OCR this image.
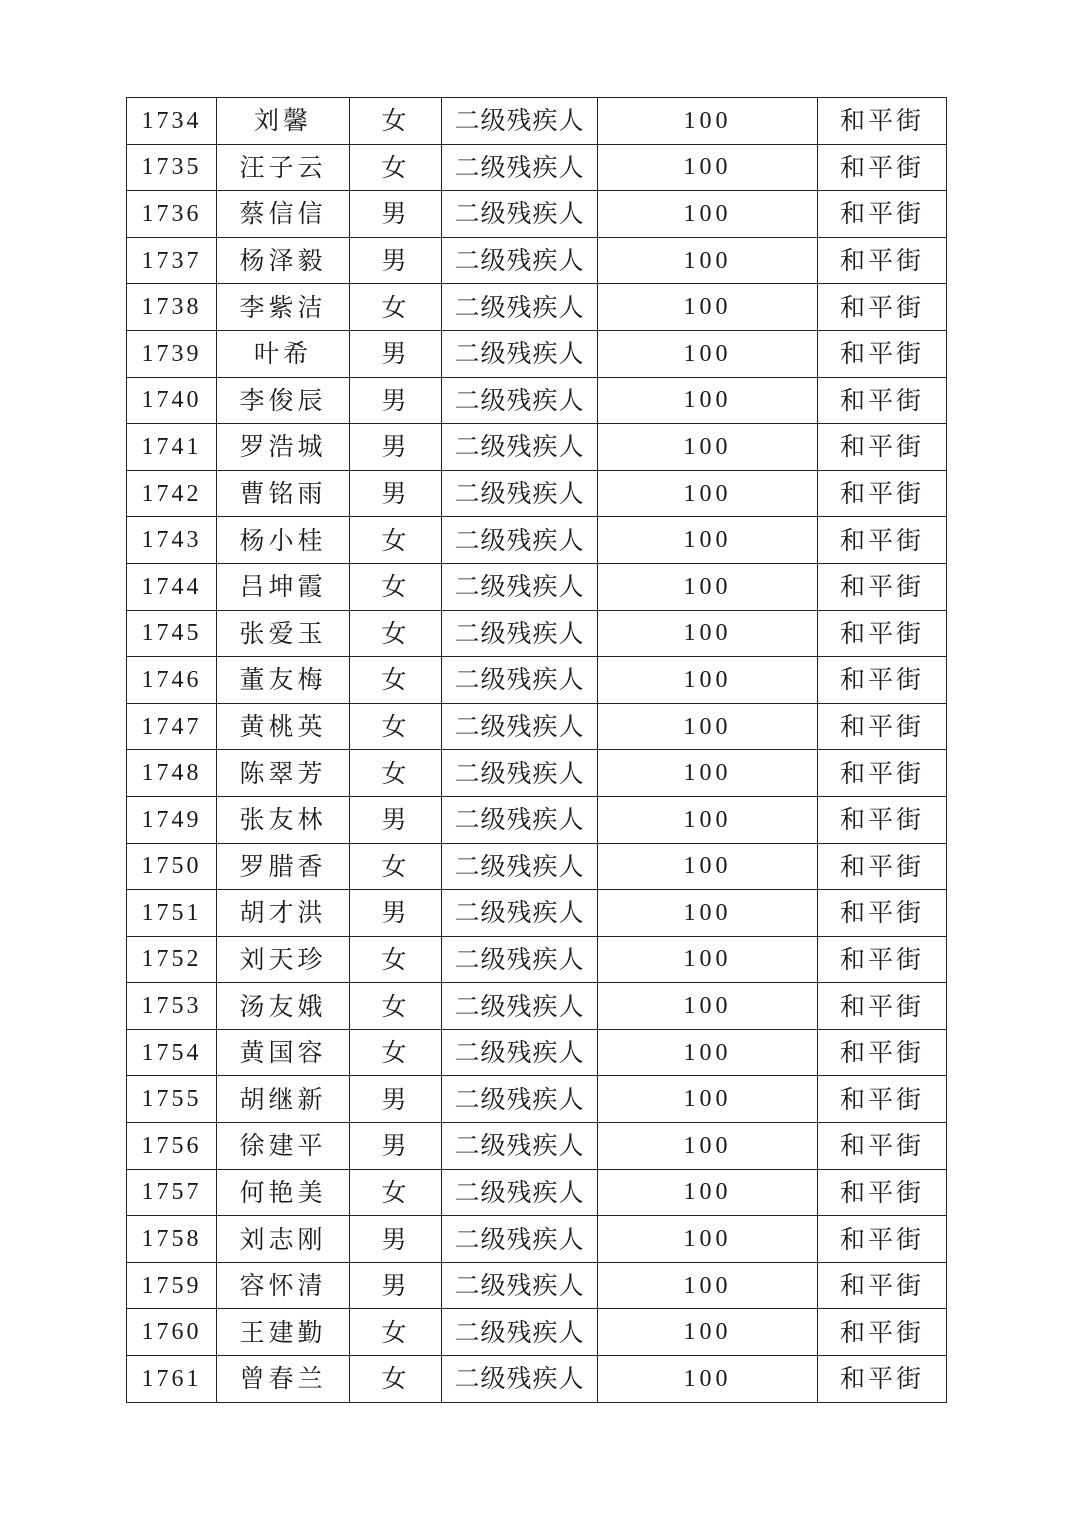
1734	刘馨	女	二级残疾人	100	和平街
1735	汪子云	女	二级残疾人	100	和平街
1736	蔡信信	男	二级残疾人	100	和平街
1737	杨泽毅	男	二级残疾人	100	和平街
1738	李紫洁	女	二级残疾人	100	和平街
1739	叶希	男	二级残疾人	100	和平街
1740	李俊辰	男	二级残疾人	100	和平街
1741	罗浩城	男	二级残疾人	100	和平街
1742	曹铭雨	男	二级残疾人	100	和平街
1743	杨小桂	女	二级残疾人	100	和平街
1744	吕坤霞	女	二级残疾人	100	和平街
1745	张爱玉	女	二级残疾人	100	和平街
1746	董友梅	女	二级残疾人	100	和平街
1747	黄桃英	女	二级残疾人	100	和平街
1748	陈翠芳	女	二级残疾人	100	和平街
1749	张友林	男	二级残疾人	100	和平街
1750	罗腊香	女	二级残疾人	100	和平街
1751	胡才洪	男	二级残疾人	100	和平街
1752	刘天珍	女	二级残疾人	100	和平街
1753	汤友娥	女	二级残疾人	100	和平街
1754	黄国容	女	二级残疾人	100	和平街
1755	胡继新	男	二级残疾人	100	和平街
1756	徐建平	男	二级残疾人	100	和平街
1757	何艳美	女	二级残疾人	100	和平街
1758	刘志刚	男	二级残疾人	100	和平街
1759	容怀清	男	二级残疾人	100	和平街
1760	王建勤	女	二级残疾人	100	和平街
1761	曾春兰	女	二级残疾人	100	和平街
